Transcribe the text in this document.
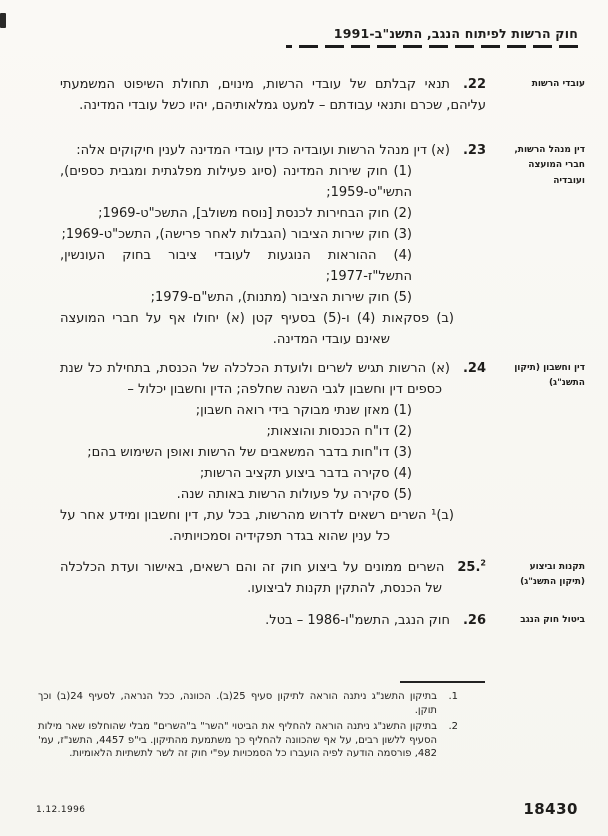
חוק הרשות לפיתוח הנגב, התשנ"ב-1991
עובדי הרשות

22.תנאי קבלתם של עובדי הרשות, מינוים, תחולת השיפוט המשמעתי עליהם, שכרם ותנאי עבודתם – למעט גמלאותיהם, יהיו כשל עובדי המדינה.

דין מנהל הרשות, חברי המועצה ועובדיה

23.(א) דין מנהל הרשות ועובדיה כדין עובדי המדינה לענין חיקוקים אלה:

(1) חוק שירות המדינה (סיוג פעילות מפלגתית ומגבית כספים), התשי"ט-1959;

(2) חוק הבחירות לכנסת [נוסח משולב], התשכ"ט-1969;

(3) חוק שירות הציבור (הגבלות לאחר פרישה), התשכ"ט-1969;

(4) ההוראות הנוגעות לעובדי ציבור בחוק העונשין, התשל"ז-1977;

(5) חוק שירות הציבור (מתנות), התש"ם-1979;

(ב) פסקאות (4) ו-(5) בסעיף קטן (א) יחולו אף על חברי המועצה שאינם עובדי המדינה.

דין וחשבון (תיקון התשנ"ג)

24.(א) הרשות תגיש לשרים ולועדת הכלכלה של הכנסת, בתחילת כל שנת כספים דין וחשבון לגבי השנה שחלפה; הדין וחשבון יכלול –

(1) מאזן שנתי מבוקר בידי רואה חשבון;

(2) דו"ח הכנסות והוצאות;

(3) דו"חות בדבר המשאבים של הרשות ואופן השימוש בהם;

(4) סקירה בדבר ביצוע תקציב הרשות;

(5) סקירה על פעולות הרשות באותה שנה.

(ב)¹ השרים רשאים לדרוש מהרשות, בכל עת, דין וחשבון ומידע אחר על כל ענין שהוא בגדר תפקידיה וסמכויותיה.

תקנות וביצוע (תיקון התשנ"ג)

25.$^2$השרים ממונים על ביצוע חוק זה והם רשאים, באישור ועדת הכלכלה של הכנסת, להתקין תקנות לביצועו.

ביטול חוק הנגב

26.חוק הנגב, התשמ"ו-1986 – בטל.

1.
בתיקון התשנ"ג ניתנה הוראה לתיקון סעיף 25(ב). הכוונה, ככל הנראה, לסעיף 24(ב) וכך תוקן.
2.
בתיקון התשנ"ג ניתנה הוראה להחליף את הביטוי "השר" ב"השרים" מבלי שהוחלפו שאר מילות הסעיף ללשון רבים, על אף שהכוונה להחליף כך משתמעת מהתיקון. בי"פ 4457, התשנ"ז, עמ' 482, פורסמה הודעה לפיה הועברו כל הסמכויות עפ"י חוק זה לשר לתשתיות הלאומיות.
1.12.1996	18430
